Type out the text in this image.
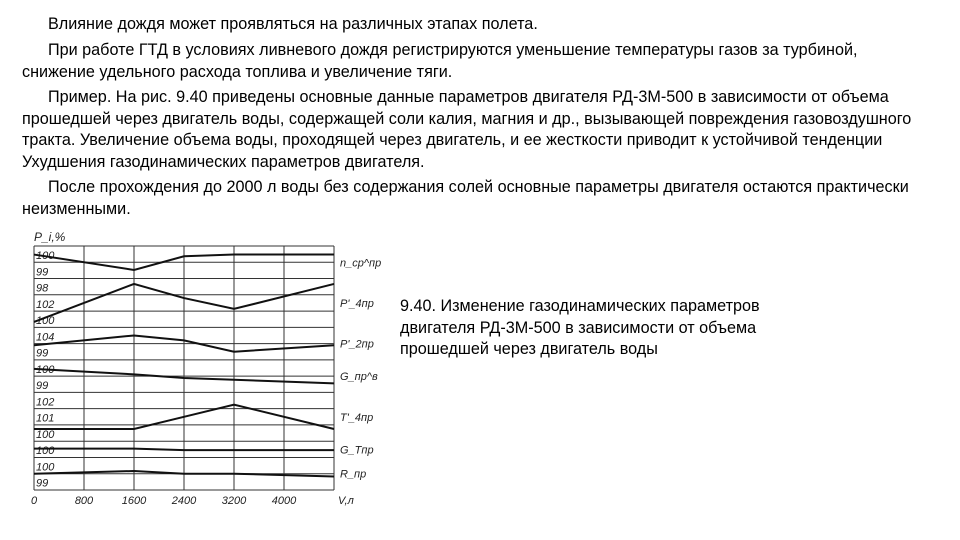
Влияние дождя может проявляться на различных этапах полета.

При работе ГТД в условиях ливневого дождя регистрируются уменьшение температуры газов за турбиной, снижение удельного расхода топлива и увеличение тяги.

Пример. На рис. 9.40 приведены основные данные параметров двигателя РД-3М-500 в зависимости от объема прошедшей через двигатель воды, содержащей соли калия, магния и др., вызывающей повреждения газовоздушного тракта. Увеличение объема воды, проходящей через двигатель, и ее жесткости приводит к устойчивой тенденции Ухудшения газодинамических параметров двигателя.

После прохождения до 2000 л воды без содержания солей основные параметры двигателя остаются практически неизменными.

100
99
98
102
100
104
99
100
99
102
101
100
100
100
99
0	800	1600 2400 3200 4000
P_i,%
V,л
n_ср^пр
P'_4пр
P'_2пр
G_пр^в
T'_4пр
G_Tпр
R_пр
9.40. Изменение газодинамических параметров двигателя РД-3М-500 в зависимости от объема прошедшей через двигатель воды
